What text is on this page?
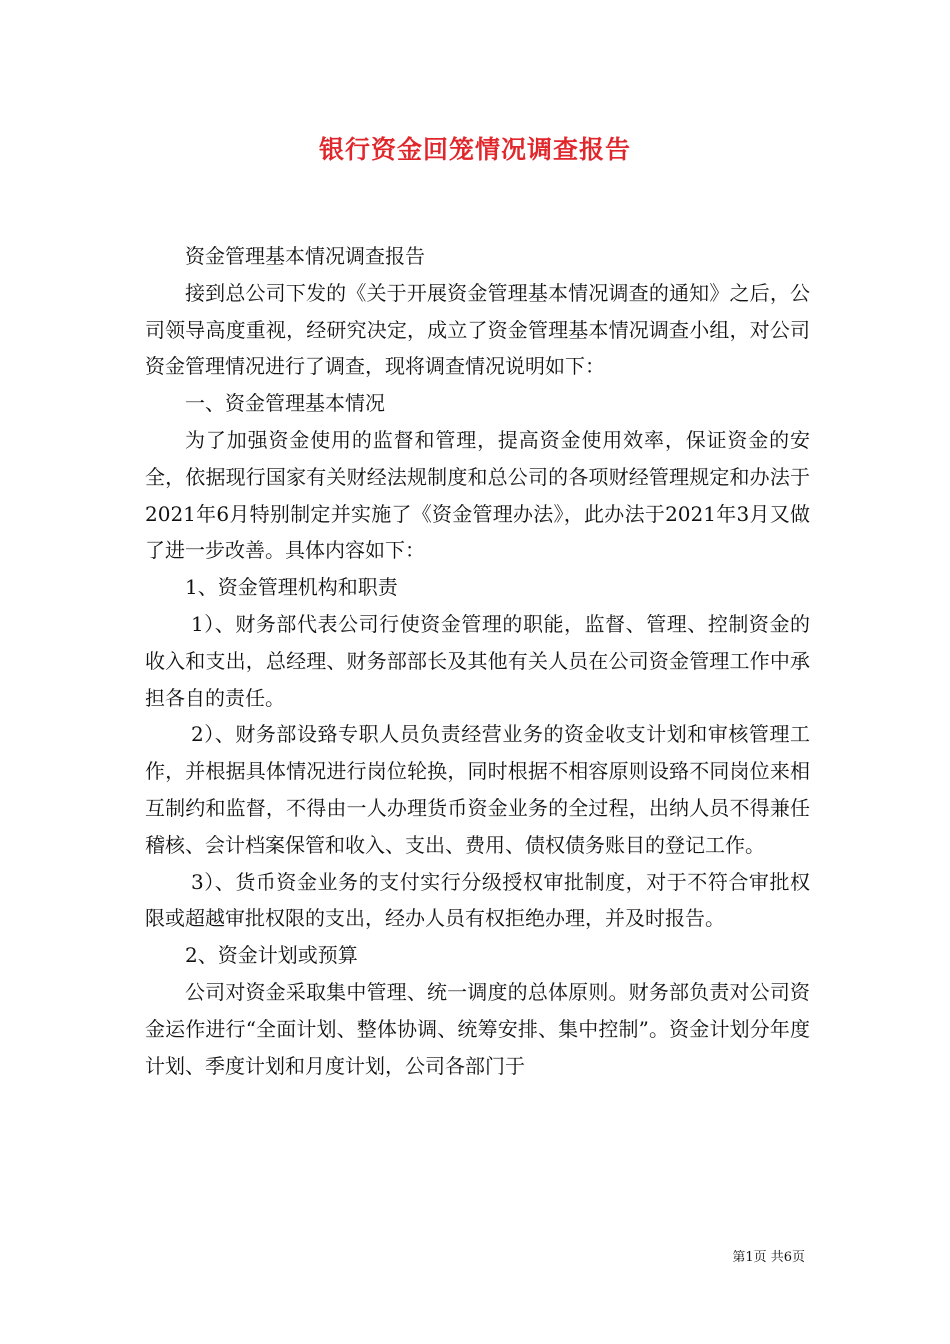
银行资金回笼情况调查报告

资金管理基本情况调查报告

接到总公司下发的《关于开展资金管理基本情况调查的通知》之后，公司领导高度重视，经研究决定，成立了资金管理基本情况调查小组，对公司资金管理情况进行了调查，现将调查情况说明如下：

一、资金管理基本情况

为了加强资金使用的监督和管理，提高资金使用效率，保证资金的安全，依据现行国家有关财经法规制度和总公司的各项财经管理规定和办法于2021年6月特别制定并实施了《资金管理办法》，此办法于2021年3月又做了进一步改善。具体内容如下：

1、资金管理机构和职责

1）、财务部代表公司行使资金管理的职能，监督、管理、控制资金的收入和支出，总经理、财务部部长及其他有关人员在公司资金管理工作中承担各自的责任。

2）、财务部设臵专职人员负责经营业务的资金收支计划和审核管理工作，并根据具体情况进行岗位轮换，同时根据不相容原则设臵不同岗位来相互制约和监督，不得由一人办理货币资金业务的全过程，出纳人员不得兼任稽核、会计档案保管和收入、支出、费用、债权债务账目的登记工作。

3）、货币资金业务的支付实行分级授权审批制度，对于不符合审批权限或超越审批权限的支出，经办人员有权拒绝办理，并及时报告。

2、资金计划或预算

公司对资金采取集中管理、统一调度的总体原则。财务部负责对公司资金运作进行“全面计划、整体协调、统筹安排、集中控制”。资金计划分年度计划、季度计划和月度计划，公司各部门于

第1页 共6页
